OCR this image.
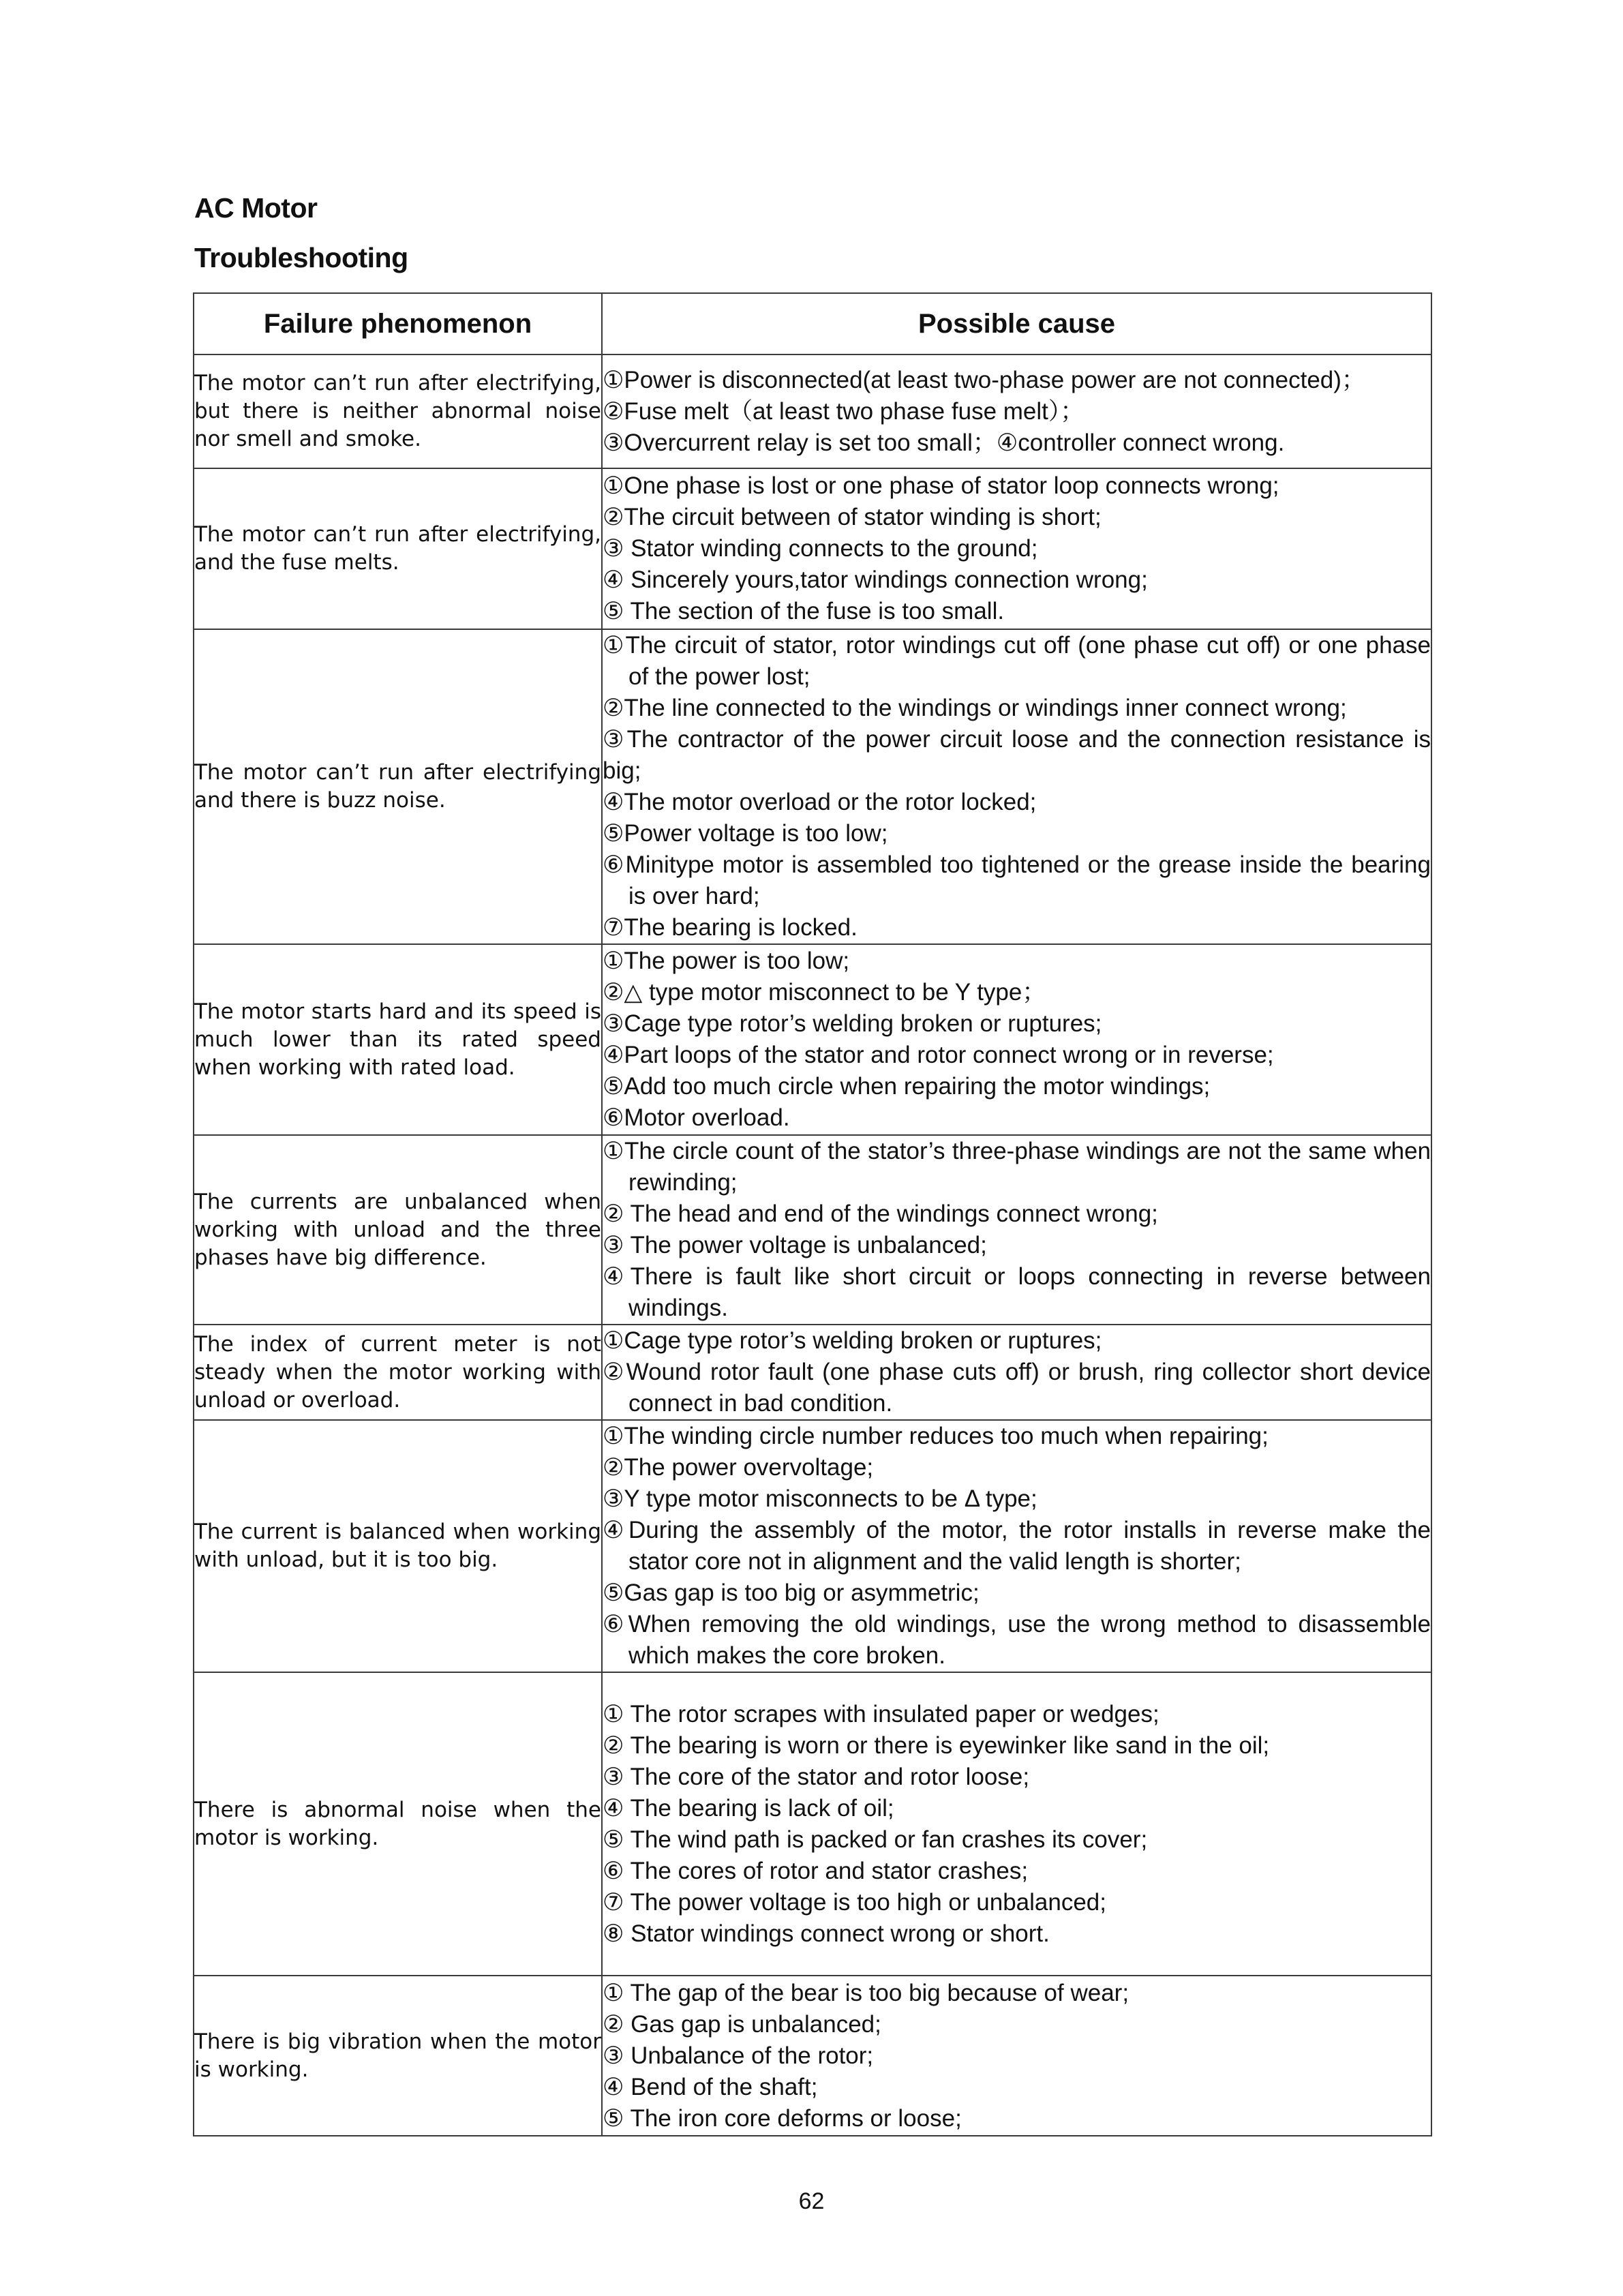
AC Motor
Troubleshooting
Failure phenomenon	Possible cause
The motor can’t run after electrifying, but there is neither abnormal noise nor smell and smoke.	①Power is disconnected(at least two-phase power are not connected)；
②Fuse melt（at least two phase fuse melt）；
③Overcurrent relay is set too small；④controller connect wrong.

The motor can’t run after electrifying, and the fuse melts.	①One phase is lost or one phase of stator loop connects wrong;
②The circuit between of stator winding is short;
③ Stator winding connects to the ground;
④ Sincerely yours,tator windings connection wrong;
⑤ The section of the fuse is too small.

The motor can’t run after electrifying and there is buzz noise.	
①The circuit of stator, rotor windings cut off (one phase cut off) or one phase of the power lost;
②The line connected to the windings or windings inner connect wrong;
③The contractor of the power circuit loose and the connection resistance is big;
④The motor overload or the rotor locked;
⑤Power voltage is too low;
⑥Minitype motor is assembled too tightened or the grease inside the bearing is over hard;
⑦The bearing is locked.

The motor starts hard and its speed is much lower than its rated speed when working with rated load.	
①The power is too low;
②△ type motor misconnect to be Y type；
③Cage type rotor’s welding broken or ruptures;
④Part loops of the stator and rotor connect wrong or in reverse;
⑤Add too much circle when repairing the motor windings;
⑥Motor overload.

The currents are unbalanced when working with unload and the three phases have big difference.	①The circle count of the stator’s three-phase windings are not the same when rewinding;
② The head and end of the windings connect wrong;
③ The power voltage is unbalanced;
④There is fault like short circuit or loops connecting in reverse between windings.

The index of current meter is not steady when the motor working with unload or overload.	①Cage type rotor’s welding broken or ruptures;
②Wound rotor fault (one phase cuts off) or brush, ring collector short device connect in bad condition.

The current is balanced when working with unload, but it is too big.	
①The winding circle number reduces too much when repairing;
②The power overvoltage;
③Y type motor misconnects to be Δ type;
④During the assembly of the motor, the rotor installs in reverse make the stator core not in alignment and the valid length is shorter;
⑤Gas gap is too big or asymmetric;
⑥When removing the old windings, use the wrong method to disassemble which makes the core broken.

There is abnormal noise when the motor is working.	
① The rotor scrapes with insulated paper or wedges;
② The bearing is worn or there is eyewinker like sand in the oil;
③ The core of the stator and rotor loose;
④ The bearing is lack of oil;
⑤ The wind path is packed or fan crashes its cover;
⑥ The cores of rotor and stator crashes;
⑦ The power voltage is too high or unbalanced;
⑧ Stator windings connect wrong or short.

There is big vibration when the motor is working.	① The gap of the bear is too big because of wear;
② Gas gap is unbalanced;
③ Unbalance of the rotor;
④ Bend of the shaft;
⑤ The iron core deforms or loose;
62
